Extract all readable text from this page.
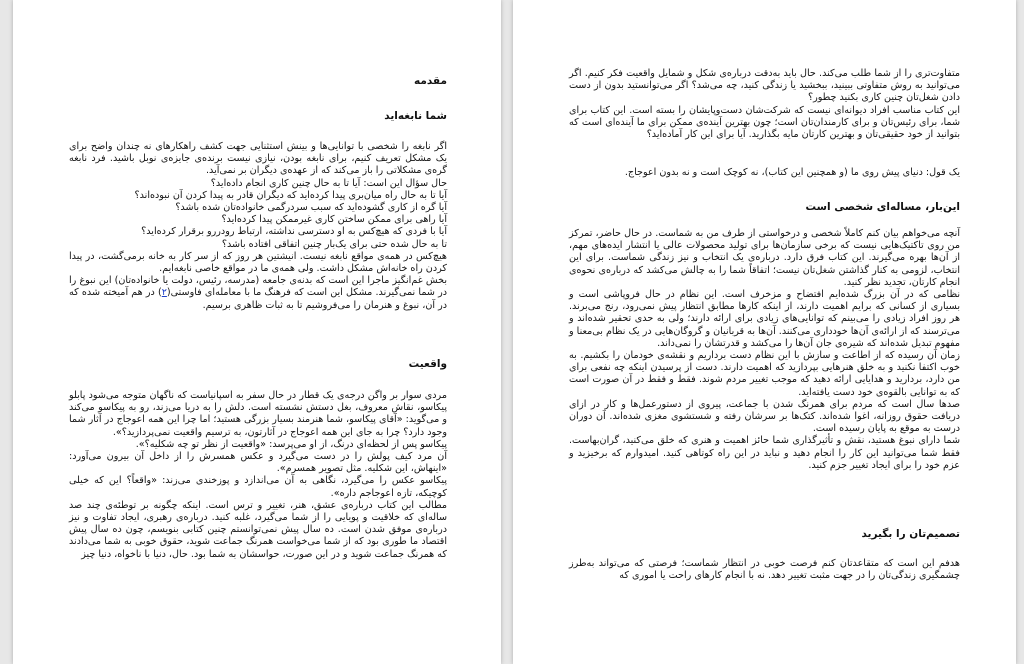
مقدمه
شما نابغه‌اید

اگر نابغه را شخصی با توانایی‌ها و بینش استثنایی جهت کشف راهکارهای نه چندان واضح برای یک مشکل تعریف کنیم، برای نابغه بودن، نیازی نیست برنده‌ی جایزه‌ی نوبل باشید. فرد نابغه گره‌ی مشکلاتی را باز می‌کند که از عهده‌ی دیگران بر نمی‌آید.

حال سؤال این است: آیا تا به حال چنین کاری انجام داده‌اید؟

آیا تا به حال راه میان‌بری پیدا کرده‌اید که دیگران قادر به پیدا کردن آن نبوده‌اند؟

آیا گره از کاری گشوده‌اید که سبب سردرگمی خانواده‌تان شده باشد؟

آیا راهی برای ممکن ساختن کاری غیرممکن پیدا کرده‌اید؟

آیا با فردی که هیچ‌کس به او دسترسی نداشته، ارتباط رودررو برقرار کرده‌اید؟

تا به حال شده حتی برای یک‌بار چنین اتفاقی افتاده باشد؟

هیچ‌کس در همه‌ی مواقع نابغه نیست. انیشتین هر روز که از سر کار به خانه برمی‌گشت، در پیدا کردن راه خانه‌اش مشکل داشت. ولی همه‌ی ما در مواقع خاصی نابغه‌ایم.

بخش غم‌انگیز ماجرا این است که بدنه‌ی جامعه (مدرسه، رئیس، دولت یا خانواده‌تان) این نبوغ را در شما نمی‌گیرند. مشکل این است که فرهنگ ما با معامله‌ای فاوستی(۲) در هم آمیخته شده که در آن، نبوغ و هنرمان را می‌فروشیم تا به ثبات ظاهری برسیم.

واقعیت

مردی سوار بر واگن درجه‌ی یک قطار در حال سفر به اسپانیاست که ناگهان متوجه می‌شود پابلو پیکاسو، نقاش معروف، بغل دستش نشسته است. دلش را به دریا می‌زند، رو به پیکاسو می‌کند و می‌گوید: «آقای پیکاسو، شما هنرمند بسیار بزرگی هستید؛ اما چرا این همه اعوجاج در آثار شما وجود دارد؟ چرا به جای این همه اعوجاج در آثارتون، به ترسیم واقعیت نمی‌پردازید؟».

پیکاسو پس از لحظه‌ای درنگ، از او می‌پرسد: «واقعیت از نظر تو چه شکلیه؟».

آن مرد کیف پولش را در دست می‌گیرد و عکس همسرش را از داخل آن بیرون می‌آورد: «اینهاش، این شکلیه. مثل تصویر همسرم».

پیکاسو عکس را می‌گیرد، نگاهی به آن می‌اندازد و پوزخندی می‌زند: «واقعاً؟ این که خیلی کوچیکه، تازه اعوجاجم داره».

مطالب این کتاب درباره‌ی عشق، هنر، تغییر و ترس است. اینکه چگونه بر توطئه‌ی چند صد ساله‌ای که خلاقیت و پویایی را از شما می‌گیرد، غلبه کنید. درباره‌ی رهبری، ایجاد تفاوت و نیز درباره‌ی موفق شدن است. ده سال پیش نمی‌توانستم چنین کتابی بنویسم، چون ده سال پیش اقتصاد ما طوری بود که از شما می‌خواست همرنگ جماعت شوید، حقوق خوبی به شما می‌دادند که همرنگ جماعت شوید و در این صورت، حواسشان به شما بود. حال، دنیا با ناخواه، دنیا چیز

متفاوت‌تری را از شما طلب می‌کند. حال باید به‌دقت درباره‌ی شکل و شمایل واقعیت فکر کنیم. اگر می‌توانید به روش متفاوتی ببینید، ببخشید یا زندگی کنید، چه می‌شد؟ اگر می‌توانستید بدون از دست دادن شغل‌تان چنین کاری بکنید چطور؟

این کتاب مناسب افراد دیوانه‌ای نیست که شرکت‌شان دست‌وپایشان را بسته است. این کتاب برای شما، برای رئیس‌تان و برای کارمندان‌تان است؛ چون بهترین آینده‌ی ممکن برای ما آینده‌ای است که بتوانید از خود حقیقی‌تان و بهترین کارتان مایه بگذارید. آیا برای این کار آماده‌اید؟

یک قول: دنیای پیش روی ما (و همچنین این کتاب)، نه کوچک است و نه بدون اعوجاج.

این‌بار، مساله‌ای شخصی است

آنچه می‌خواهم بیان کنم کاملاً شخصی و درخواستی از طرف من به شماست. در حال حاضر، تمرکز من روی تاکتیک‌هایی نیست که برخی سازمان‌ها برای تولید محصولات عالی یا انتشار ایده‌های مهم، از آن‌ها بهره می‌گیرند. این کتاب فرق دارد. درباره‌ی یک انتخاب و نیز زندگی شماست. برای این انتخاب، لزومی به کنار گذاشتن شغل‌تان نیست؛ اتفاقاً شما را به چالش می‌کشد که درباره‌ی نحوه‌ی انجام کارتان، تجدید نظر کنید.

نظامی که در آن بزرگ شده‌ایم افتضاح و مزخرف است. این نظام در حال فروپاشی است و بسیاری از کسانی که برایم اهمیت دارند، از اینکه کارها مطابق انتظار پیش نمی‌رود، رنج می‌برند. هر روز افراد زیادی را می‌بینم که توانایی‌های زیادی برای ارائه دارند؛ ولی به حدی تحقیر شده‌اند و می‌ترسند که از ارائه‌ی آن‌ها خودداری می‌کنند. آن‌ها به قربانیان و گروگان‌هایی در یک نظام بی‌معنا و مفهوم تبدیل شده‌اند که شیره‌ی جان آن‌ها را می‌کشد و قدرتشان را نمی‌داند.

زمان آن رسیده که از اطاعت و سازش با این نظام دست برداریم و نقشه‌ی خودمان را بکشیم. به خوب اکتفا نکنید و به خلق هنرهایی بپردازید که اهمیت دارند. دست از پرسیدن اینکه چه نفعی برای من دارد، بردارید و هدایایی ارائه دهید که موجب تغییر مردم شوند. فقط و فقط در آن صورت است که به توانایی بالقوه‌ی خود دست یافته‌اید.

صدها سال است که مردم برای همرنگ شدن با جماعت، پیروی از دستورعمل‌ها و کار در ازای دریافت حقوق روزانه، اغوا شده‌اند. کتک‌ها بر سرشان رفته و شستشوی مغزی شده‌اند. آن دوران درست به موقع به پایان رسیده است.

شما دارای نبوغ هستید، نقش و تأثیرگذاری شما حائز اهمیت و هنری که خلق می‌کنید، گران‌بهاست. فقط شما می‌توانید این کار را انجام دهید و نباید در این راه کوتاهی کنید. امیدوارم که برخیزید و عزم خود را برای ایجاد تغییر جزم کنید.

تصمیم‌تان را بگیرید

هدفم این است که متقاعدتان کنم فرصت خوبی در انتظار شماست؛ فرصتی که می‌تواند به‌طرز چشمگیری زندگی‌تان را در جهت مثبت تغییر دهد. نه با انجام کارهای راحت یا اموری که
